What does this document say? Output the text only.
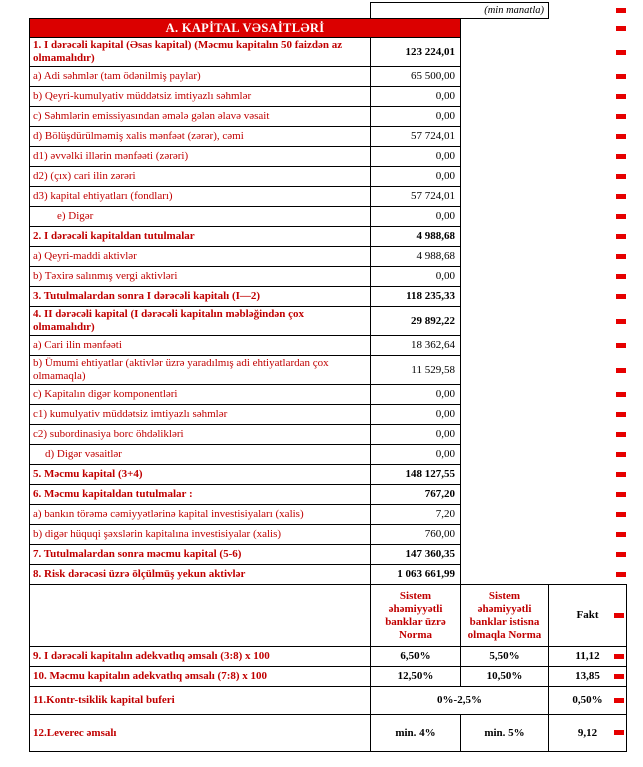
	(min manatla)		
A. KAPİTAL VƏSAİTLƏRİ			
1. I dərəcəli kapital (Əsas kapital) (Məcmu kapitalın 50 faizdən az olmamalıdır)	123 224,01		
a) Adi səhmlər (tam ödənilmiş paylar)	65 500,00		
b) Qeyri-kumulyativ müddətsiz imtiyazlı səhmlər	0,00		
c) Səhmlərin emissiyasından əmələ gələn əlavə vəsait	0,00		
d) Bölüşdürülməmiş xalis mənfəət (zərər), cəmi	57 724,01		
d1) əvvəlki illərin mənfəəti (zərəri)	0,00		
d2) (çıx) cari ilin zərəri	0,00		
d3) kapital ehtiyatları (fondları)	57 724,01		
e) Digər	0,00		
2. I dərəcəli kapitaldan tutulmalar	4 988,68		
a) Qeyri-maddi aktivlər	4 988,68		
b) Təxirə salınmış vergi aktivləri	0,00		
3. Tutulmalardan sonra I dərəcəli kapitalı (I—2)	118 235,33		
4. II dərəcəli kapital (I dərəcəli kapitalın məbləğindən çox olmamalıdır)	29 892,22		
a) Cari ilin mənfəəti	18 362,64		
b) Ümumi ehtiyatlar (aktivlər üzrə yaradılmış adi ehtiyatlardan çox olmamaqla)	11 529,58		
c) Kapitalın digər komponentləri	0,00		
c1) kumulyativ müddətsiz imtiyazlı səhmlər	0,00		
c2) subordinasiya borc öhdəlikləri	0,00		
d) Digər vəsaitlər	0,00		
5. Məcmu kapital (3+4)	148 127,55		
6. Məcmu kapitaldan tutulmalar :	767,20		
a) bankın törəmə cəmiyyətlərinə kapital investisiyaları (xalis)	7,20		
b) digər hüquqi şəxslərin kapitalına investisiyalar (xalis)	760,00		
7. Tutulmalardan sonra məcmu kapital (5-6)	147 360,35		
8. Risk dərəcəsi üzrə ölçülmüş yekun aktivlər	1 063 661,99		
	Sistem əhəmiyyətli banklar üzrə Norma	Sistem əhəmiyyətli banklar istisna olmaqla Norma	Fakt

9. I dərəcəli kapitalın adekvatlıq əmsalı (3:8) x 100	6,50%	5,50%	11,12

10. Məcmu kapitalın adekvatlıq əmsalı (7:8) x 100	12,50%	10,50%	13,85

11.Kontr-tsiklik kapital buferi	0%-2,5%		0,50%

12.Leverec əmsalı	min. 4%	min. 5%	9,12
